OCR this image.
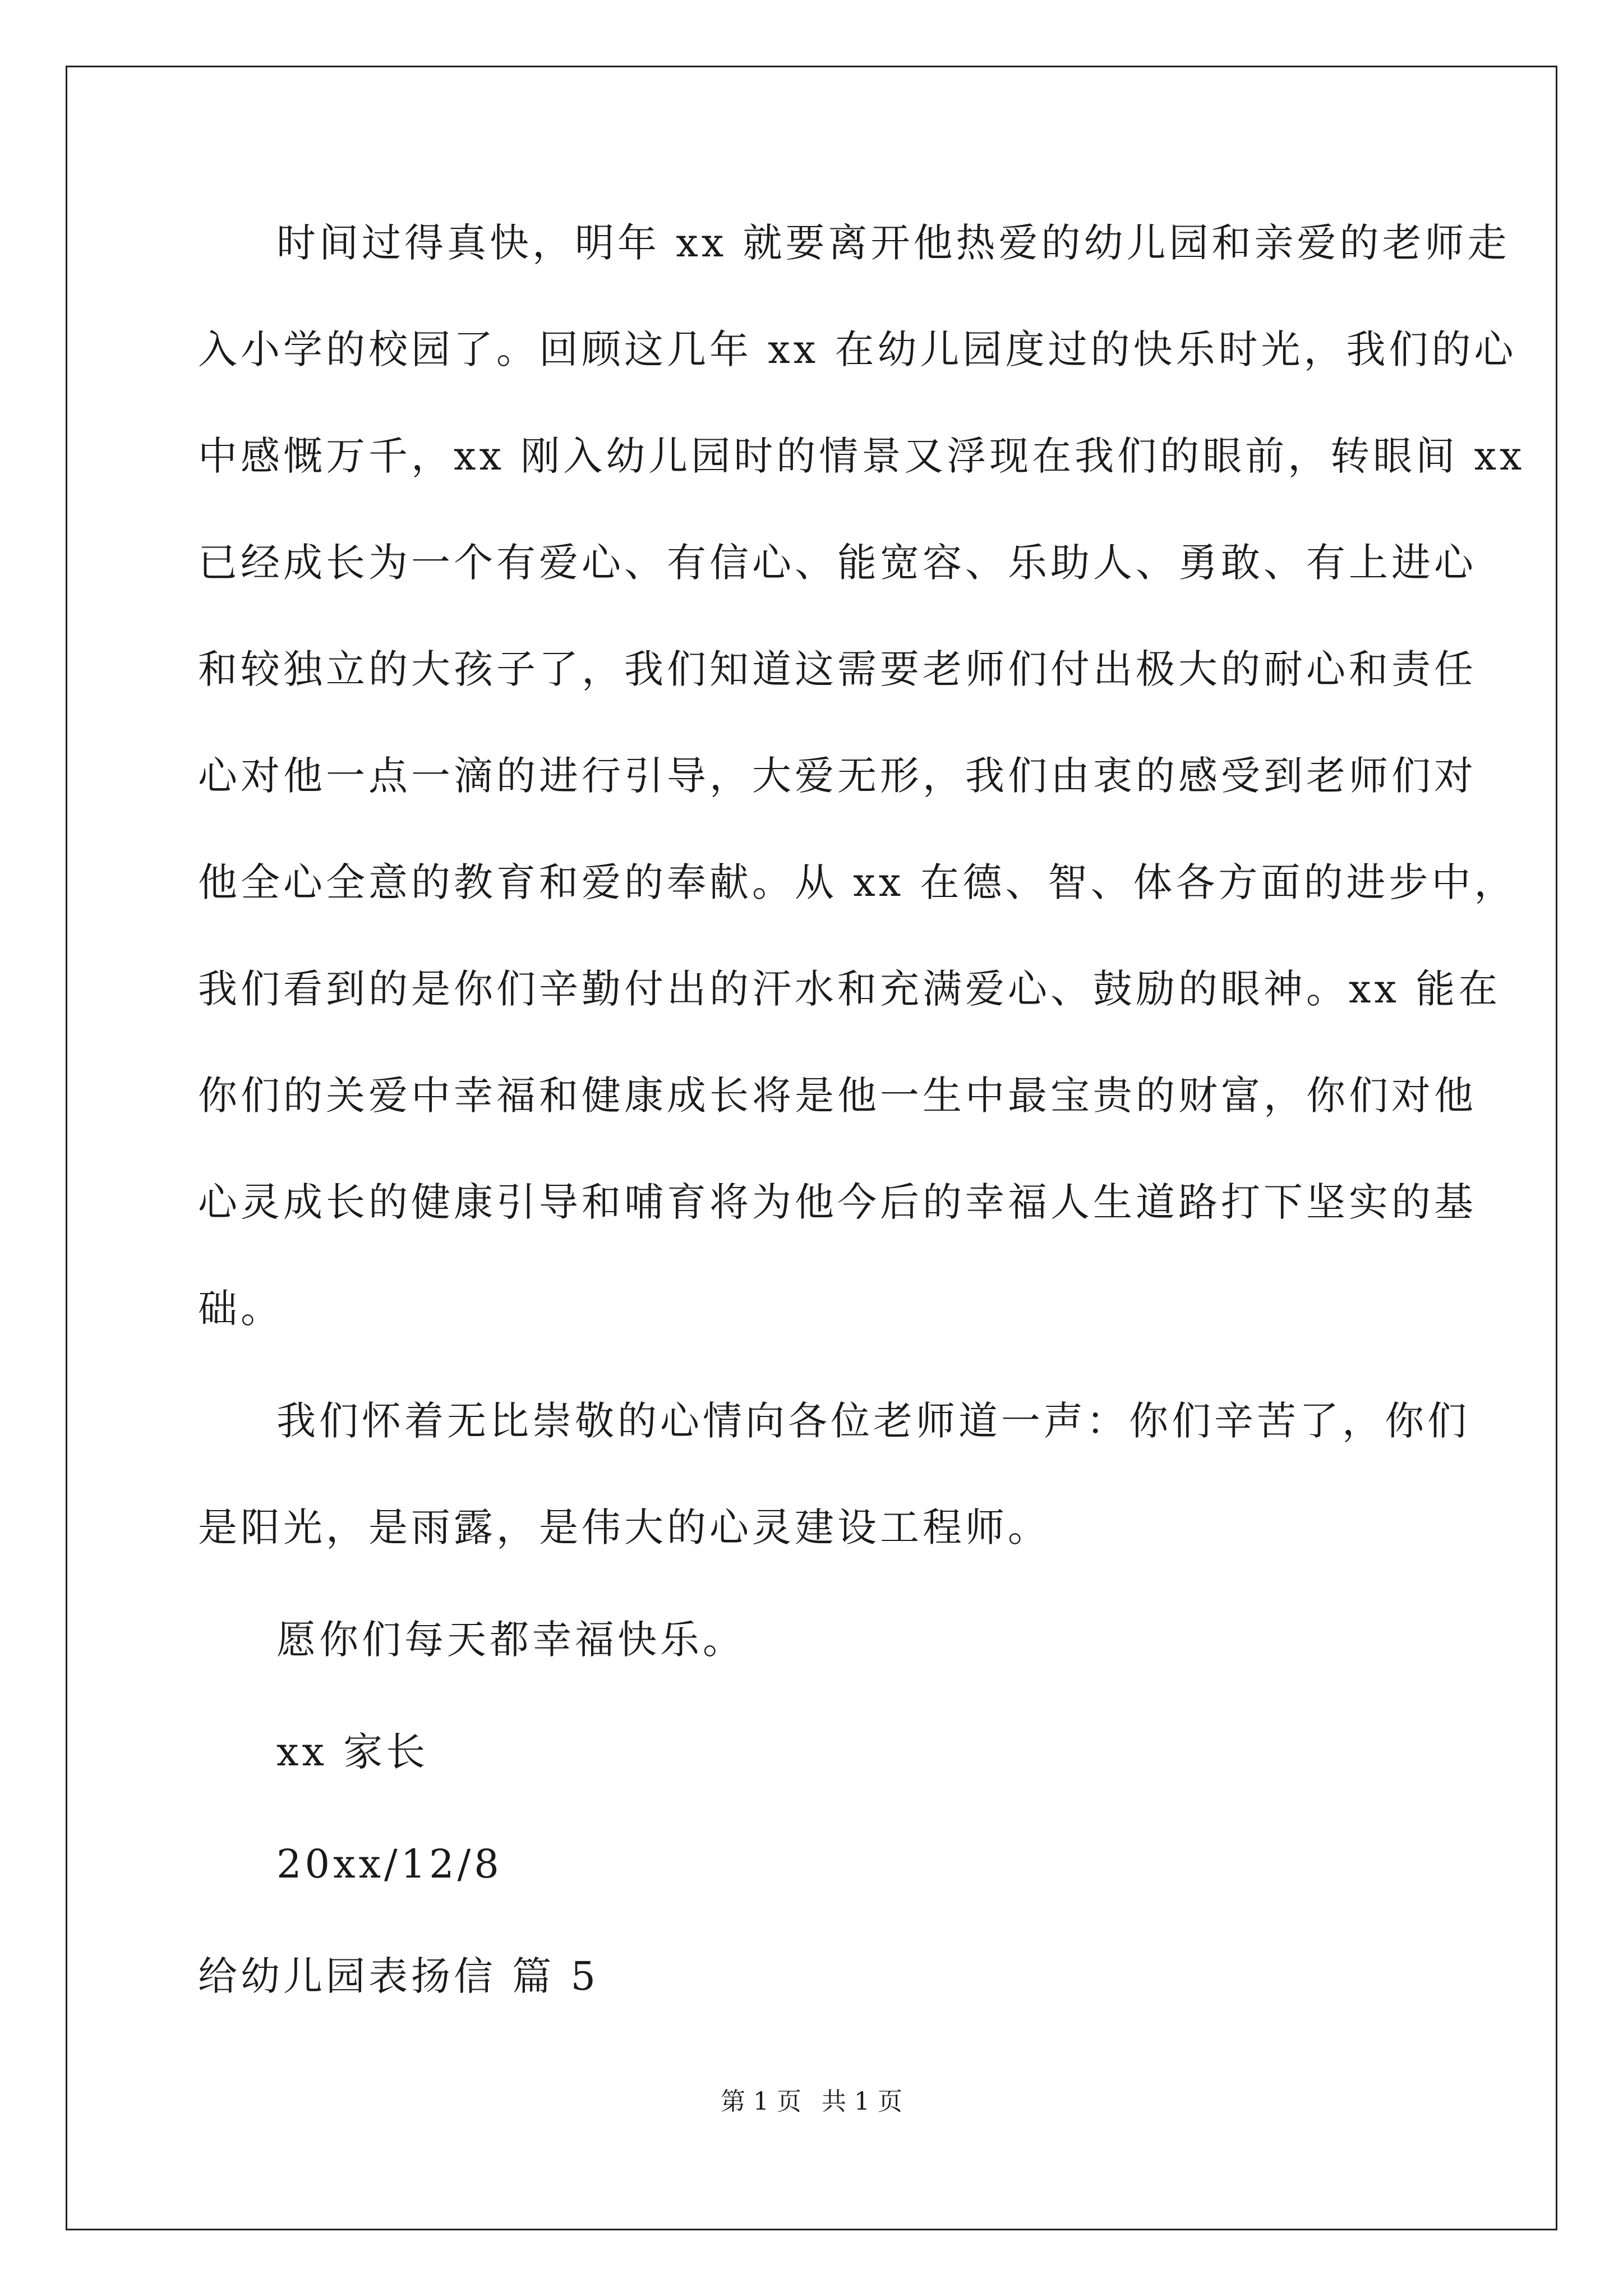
时间过得真快，明年 xx 就要离开他热爱的幼儿园和亲爱的老师走
入小学的校园了。回顾这几年 xx 在幼儿园度过的快乐时光，我们的心
中感慨万千，xx 刚入幼儿园时的情景又浮现在我们的眼前，转眼间 xx
已经成长为一个有爱心、有信心、能宽容、乐助人、勇敢、有上进心
和较独立的大孩子了，我们知道这需要老师们付出极大的耐心和责任
心对他一点一滴的进行引导，大爱无形，我们由衷的感受到老师们对
他全心全意的教育和爱的奉献。从 xx 在德、智、体各方面的进步中，
我们看到的是你们辛勤付出的汗水和充满爱心、鼓励的眼神。xx 能在
你们的关爱中幸福和健康成长将是他一生中最宝贵的财富，你们对他
心灵成长的健康引导和哺育将为他今后的幸福人生道路打下坚实的基
础。
我们怀着无比崇敬的心情向各位老师道一声：你们辛苦了，你们
是阳光，是雨露，是伟大的心灵建设工程师。
愿你们每天都幸福快乐。
xx 家长
20xx/12/8
给幼儿园表扬信 篇 5
第 1 页 共 1 页
